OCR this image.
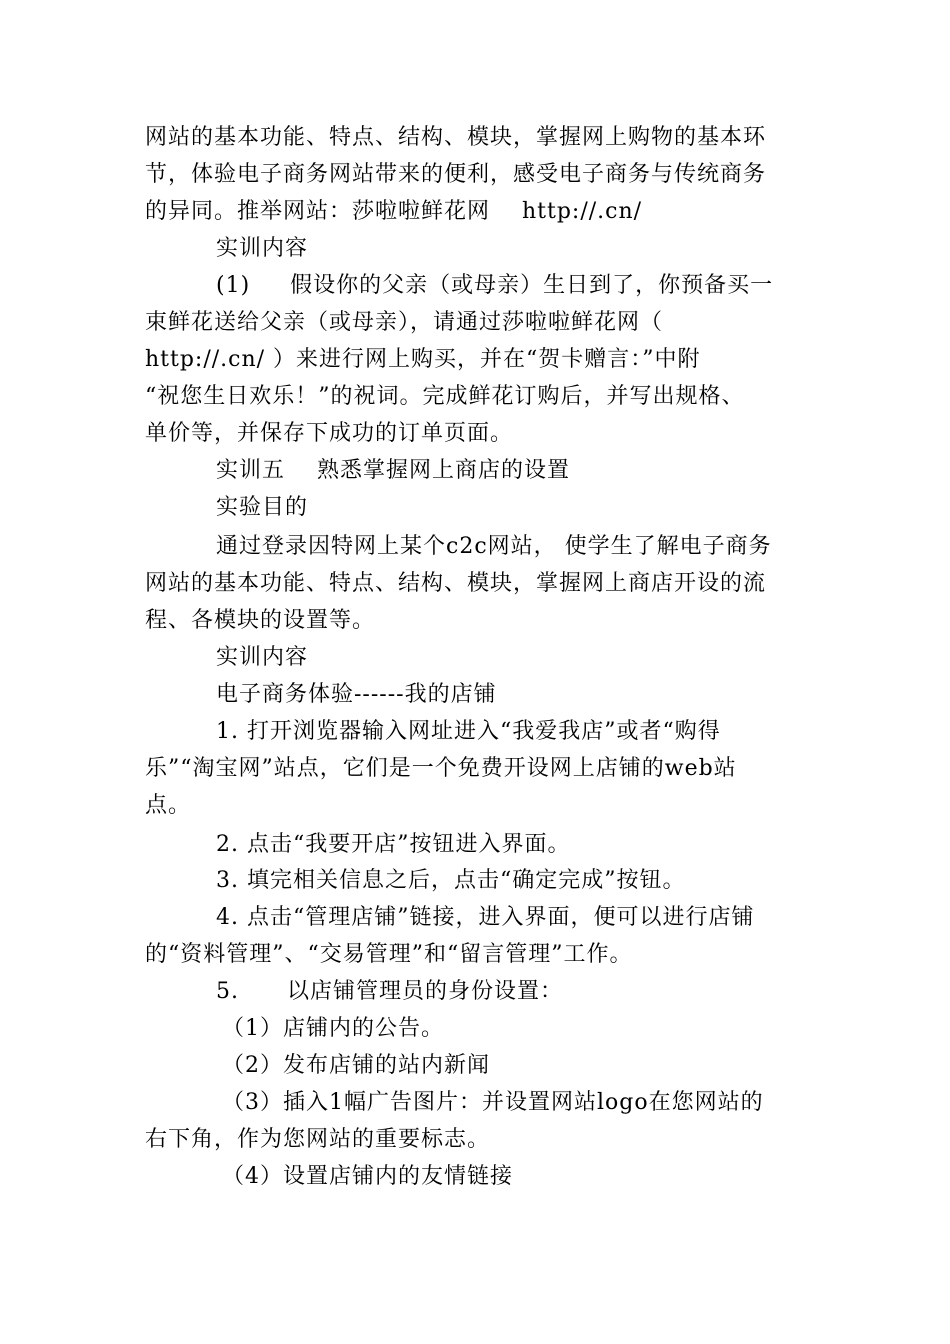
网站的基本功能、特点、结构、模块，掌握网上购物的基本环
节，体验电子商务网站带来的便利，感受电子商务与传统商务
的异同。推举网站：莎啦啦鲜花网    http://.cn/
实训内容
(1)     假设你的父亲（或母亲）生日到了，你预备买一
束鲜花送给父亲（或母亲），请通过莎啦啦鲜花网（
http://.cn/ ）来进行网上购买，并在“贺卡赠言：”中附
“祝您生日欢乐！”的祝词。完成鲜花订购后，并写出规格、
单价等，并保存下成功的订单页面。
实训五    熟悉掌握网上商店的设置
实验目的
通过登录因特网上某个c2c网站， 使学生了解电子商务
网站的基本功能、特点、结构、模块，掌握网上商店开设的流
程、各模块的设置等。
实训内容
电子商务体验------我的店铺
1. 打开浏览器输入网址进入“我爱我店”或者“购得
乐”“淘宝网”站点，它们是一个免费开设网上店铺的web站
点。
2. 点击“我要开店”按钮进入界面。
3. 填完相关信息之后，点击“确定完成”按钮。
4. 点击“管理店铺”链接，进入界面，便可以进行店铺
的“资料管理”、“交易管理”和“留言管理”工作。
5.      以店铺管理员的身份设置：
（1）店铺内的公告。
（2）发布店铺的站内新闻
（3）插入1幅广告图片：并设置网站logo在您网站的
右下角，作为您网站的重要标志。
（4）设置店铺内的友情链接
